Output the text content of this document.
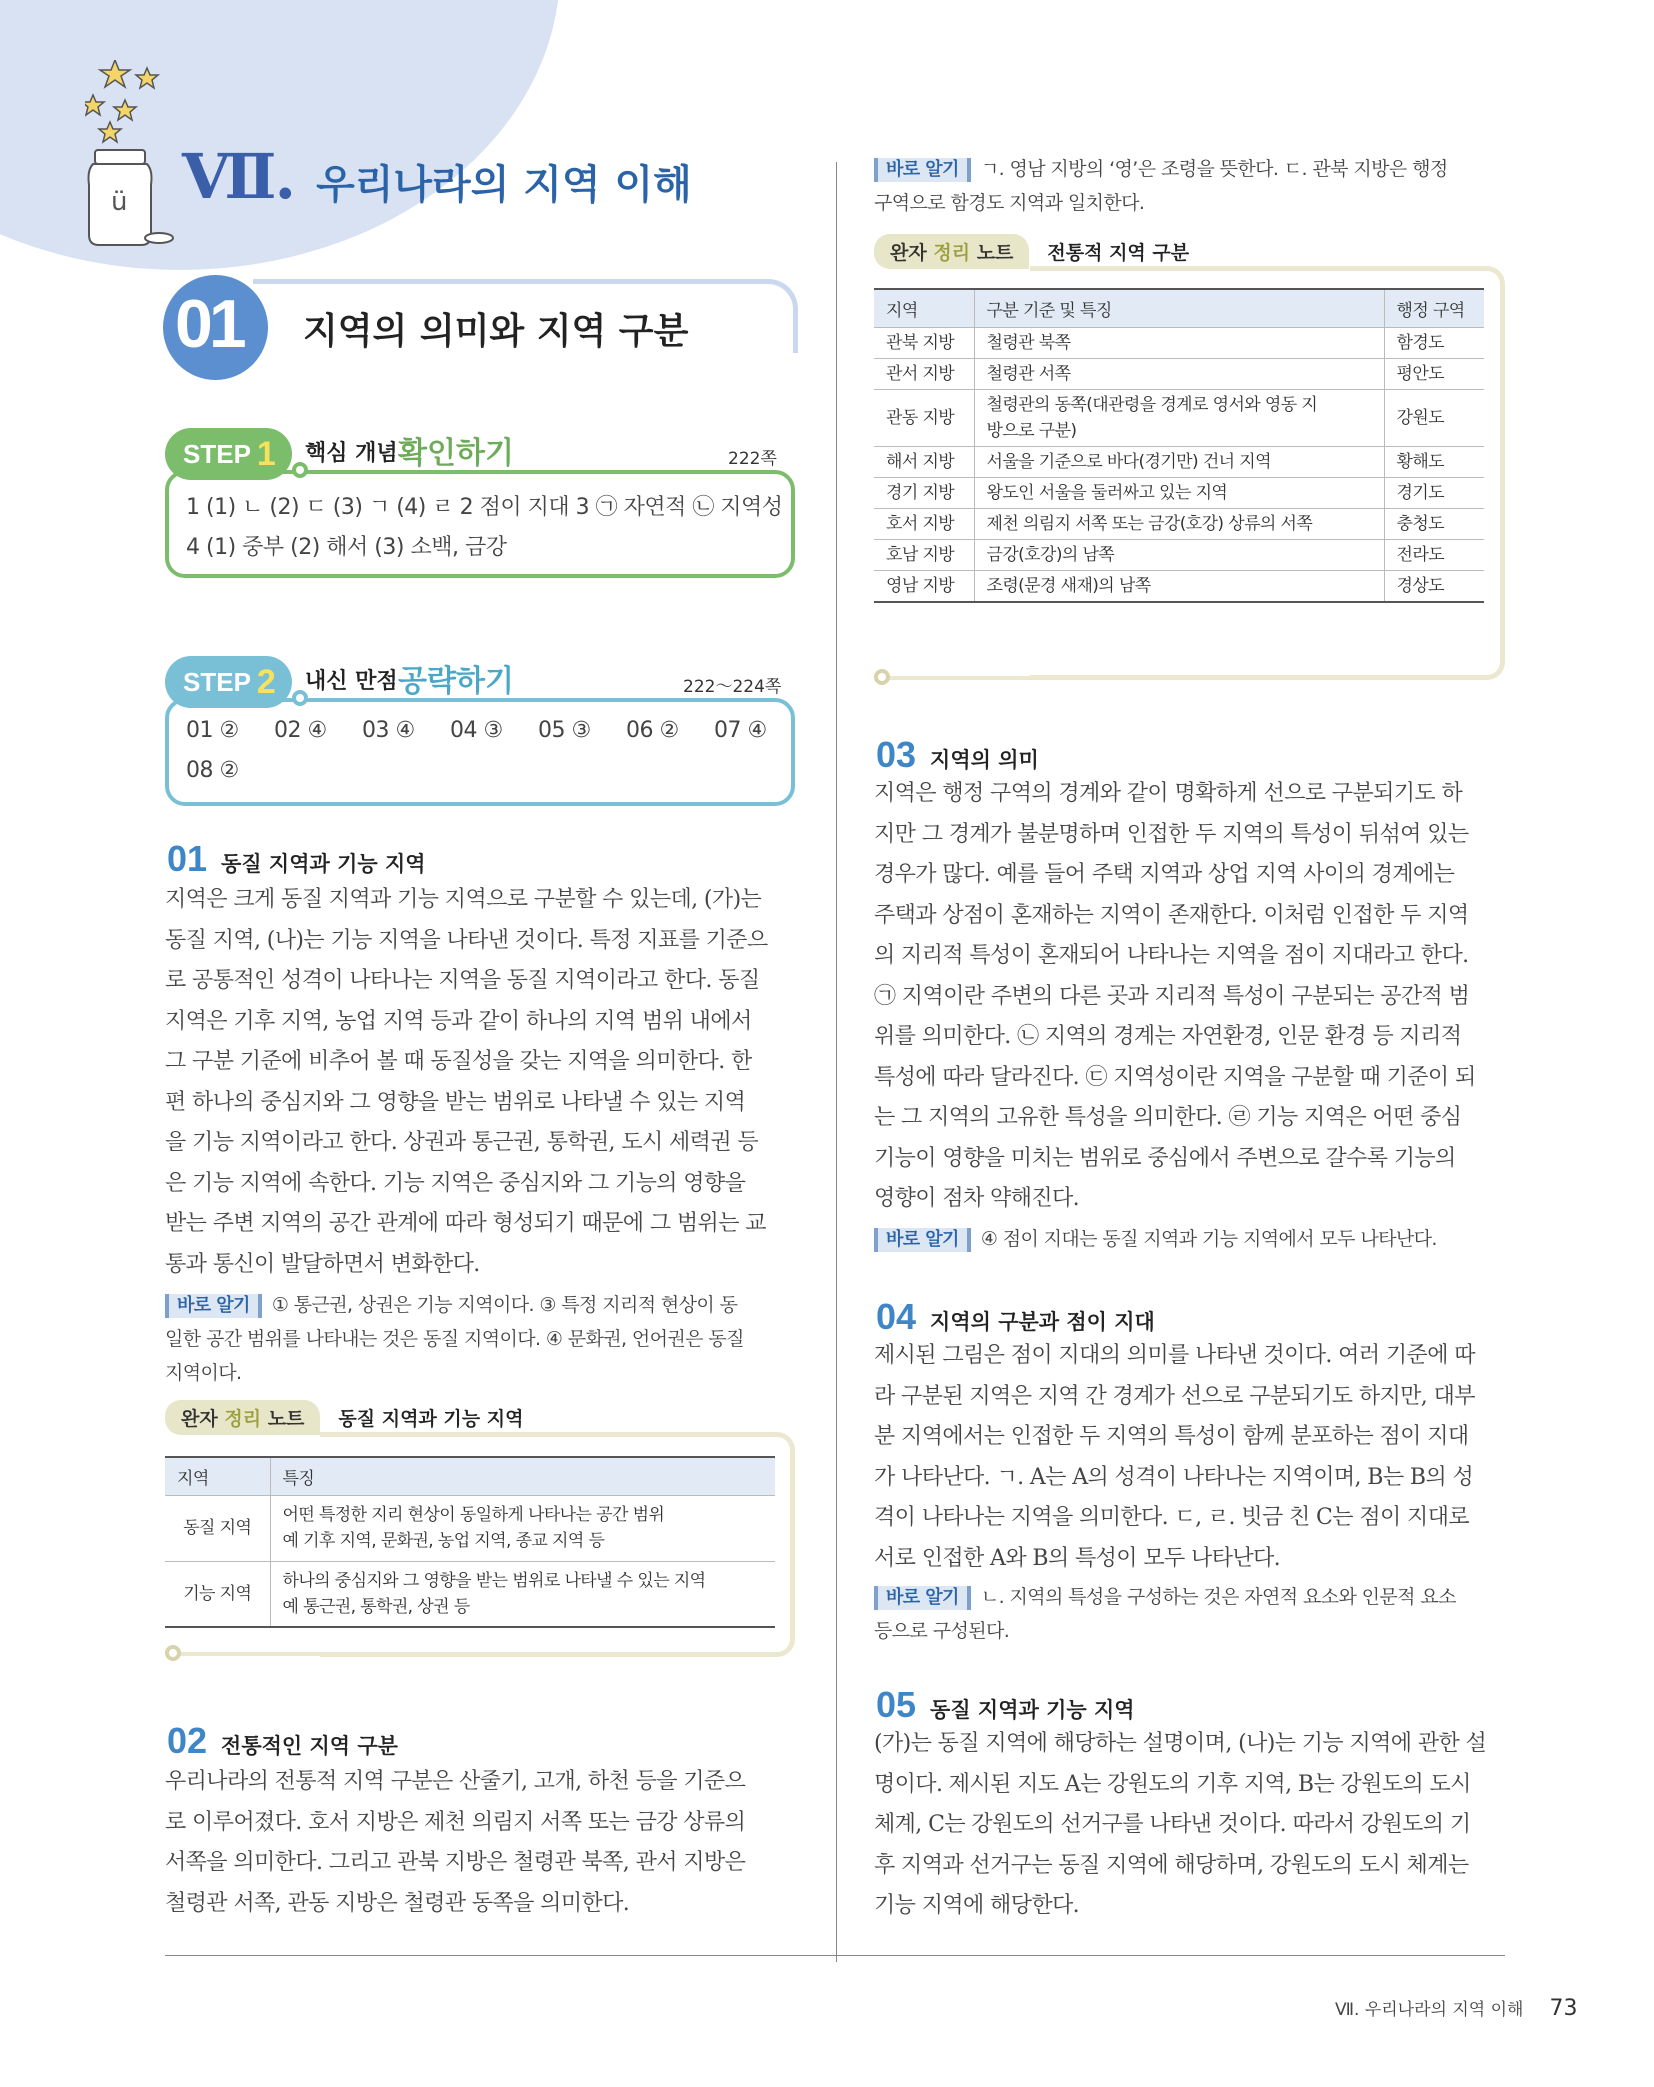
ü Ⅶ. 우리나라의 지역 이해
01 지역의 의미와 지역 구분
STEP 1 핵심 개념 확인하기	222쪽
1 (1) ㄴ (2) ㄷ (3) ㄱ (4) ㄹ 2 점이 지대 3 ㉠ 자연적 ㉡ 지역성
4 (1) 중부 (2) 해서 (3) 소백, 금강
STEP 2 내신 만점 공략하기	222～224쪽
01 ②	02 ④	03 ④	04 ③	05 ③	06 ②	07 ④
08 ②
01 동질 지역과 기능 지역
지역은 크게 동질 지역과 기능 지역으로 구분할 수 있는데, (가)는
동질 지역, (나)는 기능 지역을 나타낸 것이다. 특정 지표를 기준으
로 공통적인 성격이 나타나는 지역을 동질 지역이라고 한다. 동질
지역은 기후 지역, 농업 지역 등과 같이 하나의 지역 범위 내에서
그 구분 기준에 비추어 볼 때 동질성을 갖는 지역을 의미한다. 한
편 하나의 중심지와 그 영향을 받는 범위로 나타낼 수 있는 지역
을 기능 지역이라고 한다. 상권과 통근권, 통학권, 도시 세력권 등
은 기능 지역에 속한다. 기능 지역은 중심지와 그 기능의 영향을
받는 주변 지역의 공간 관계에 따라 형성되기 때문에 그 범위는 교
통과 통신이 발달하면서 변화한다.
바로 알기 ① 통근권, 상권은 기능 지역이다. ③ 특정 지리적 현상이 동
일한 공간 범위를 나타내는 것은 동질 지역이다. ④ 문화권, 언어권은 동질
지역이다.
완자 정리 노트	동질 지역과 기능 지역
지역	특징
동질 지역	어떤 특정한 지리 현상이 동일하게 나타나는 공간 범위
예 기후 지역, 문화권, 농업 지역, 종교 지역 등

기능 지역	하나의 중심지와 그 영향을 받는 범위로 나타낼 수 있는 지역
예 통근권, 통학권, 상권 등
02 전통적인 지역 구분
우리나라의 전통적 지역 구분은 산줄기, 고개, 하천 등을 기준으
로 이루어졌다. 호서 지방은 제천 의림지 서쪽 또는 금강 상류의
서쪽을 의미한다. 그리고 관북 지방은 철령관 북쪽, 관서 지방은
철령관 서쪽, 관동 지방은 철령관 동쪽을 의미한다.
바로 알기 ㄱ. 영남 지방의 ‘영’은 조령을 뜻한다. ㄷ. 관북 지방은 행정
구역으로 함경도 지역과 일치한다.
완자 정리 노트	전통적 지역 구분
지역	구분 기준 및 특징	행정 구역
관북 지방	철령관 북쪽	함경도
관서 지방	철령관 서쪽	평안도
관동 지방	철령관의 동쪽(대관령을 경계로 영서와 영동 지
방으로 구분)	강원도
해서 지방	서울을 기준으로 바다(경기만) 건너 지역	황해도
경기 지방	왕도인 서울을 둘러싸고 있는 지역	경기도
호서 지방	제천 의림지 서쪽 또는 금강(호강) 상류의 서쪽	충청도
호남 지방	금강(호강)의 남쪽	전라도
영남 지방	조령(문경 새재)의 남쪽	경상도
03 지역의 의미
지역은 행정 구역의 경계와 같이 명확하게 선으로 구분되기도 하
지만 그 경계가 불분명하며 인접한 두 지역의 특성이 뒤섞여 있는
경우가 많다. 예를 들어 주택 지역과 상업 지역 사이의 경계에는
주택과 상점이 혼재하는 지역이 존재한다. 이처럼 인접한 두 지역
의 지리적 특성이 혼재되어 나타나는 지역을 점이 지대라고 한다.
㉠ 지역이란 주변의 다른 곳과 지리적 특성이 구분되는 공간적 범
위를 의미한다. ㉡ 지역의 경계는 자연환경, 인문 환경 등 지리적
특성에 따라 달라진다. ㉢ 지역성이란 지역을 구분할 때 기준이 되
는 그 지역의 고유한 특성을 의미한다. ㉣ 기능 지역은 어떤 중심
기능이 영향을 미치는 범위로 중심에서 주변으로 갈수록 기능의
영향이 점차 약해진다.
바로 알기 ④ 점이 지대는 동질 지역과 기능 지역에서 모두 나타난다.
04 지역의 구분과 점이 지대
제시된 그림은 점이 지대의 의미를 나타낸 것이다. 여러 기준에 따
라 구분된 지역은 지역 간 경계가 선으로 구분되기도 하지만, 대부
분 지역에서는 인접한 두 지역의 특성이 함께 분포하는 점이 지대
가 나타난다. ㄱ. A는 A의 성격이 나타나는 지역이며, B는 B의 성
격이 나타나는 지역을 의미한다. ㄷ, ㄹ. 빗금 친 C는 점이 지대로
서로 인접한 A와 B의 특성이 모두 나타난다.
바로 알기 ㄴ. 지역의 특성을 구성하는 것은 자연적 요소와 인문적 요소
등으로 구성된다.
05 동질 지역과 기능 지역
(가)는 동질 지역에 해당하는 설명이며, (나)는 기능 지역에 관한 설
명이다. 제시된 지도 A는 강원도의 기후 지역, B는 강원도의 도시
체계, C는 강원도의 선거구를 나타낸 것이다. 따라서 강원도의 기
후 지역과 선거구는 동질 지역에 해당하며, 강원도의 도시 체계는
기능 지역에 해당한다.
Ⅶ. 우리나라의 지역 이해 73
